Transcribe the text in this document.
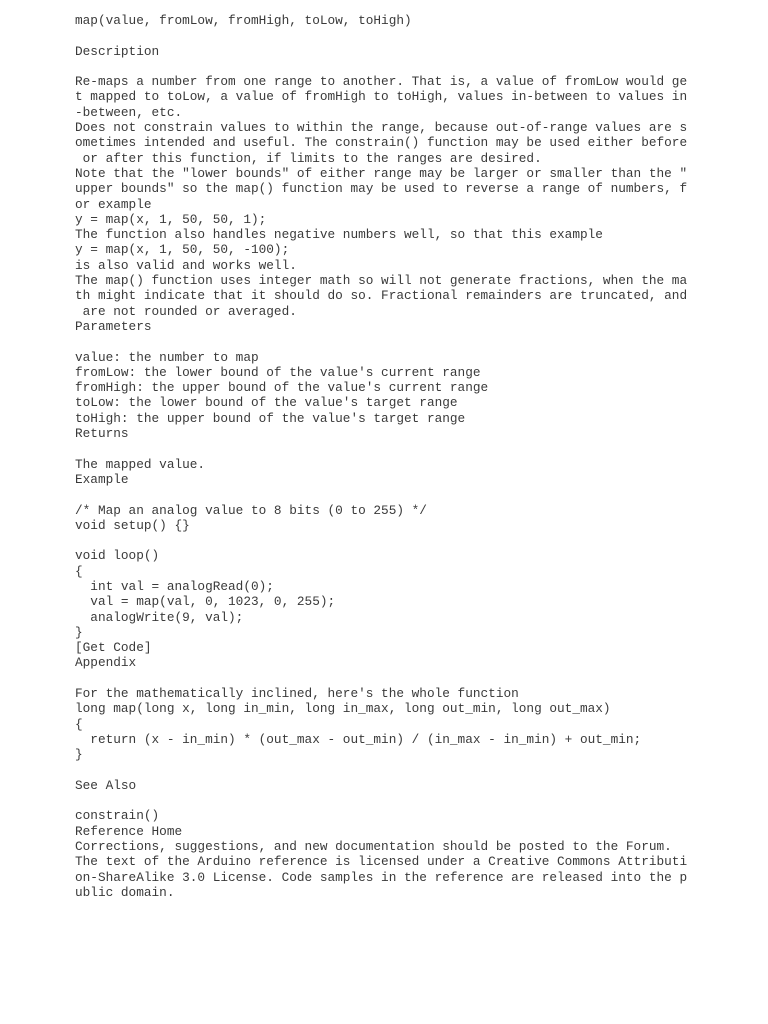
map(value, fromLow, fromHigh, toLow, toHigh)
Description
Re-maps a number from one range to another. That is, a value of fromLow would ge
t mapped to toLow, a value of fromHigh to toHigh, values in-between to values in
-between, etc.
Does not constrain values to within the range, because out-of-range values are s
ometimes intended and useful. The constrain() function may be used either before
or after this function, if limits to the ranges are desired.
Note that the "lower bounds" of either range may be larger or smaller than the "
upper bounds" so the map() function may be used to reverse a range of numbers, f
or example
y = map(x, 1, 50, 50, 1);
The function also handles negative numbers well, so that this example
y = map(x, 1, 50, 50, -100);
is also valid and works well.
The map() function uses integer math so will not generate fractions, when the ma
th might indicate that it should do so. Fractional remainders are truncated, and
are not rounded or averaged.
Parameters
value: the number to map
fromLow: the lower bound of the value's current range
fromHigh: the upper bound of the value's current range
toLow: the lower bound of the value's target range
toHigh: the upper bound of the value's target range
Returns
The mapped value.
Example
/* Map an analog value to 8 bits (0 to 255) */
void setup() {}
void loop()
{
int val = analogRead(0);
val = map(val, 0, 1023, 0, 255);
analogWrite(9, val);
}
[Get Code]
Appendix
For the mathematically inclined, here's the whole function
long map(long x, long in_min, long in_max, long out_min, long out_max)
{
return (x - in_min) * (out_max - out_min) / (in_max - in_min) + out_min;
}
See Also
constrain()
Reference Home
Corrections, suggestions, and new documentation should be posted to the Forum.
The text of the Arduino reference is licensed under a Creative Commons Attributi
on-ShareAlike 3.0 License. Code samples in the reference are released into the p
ublic domain.
